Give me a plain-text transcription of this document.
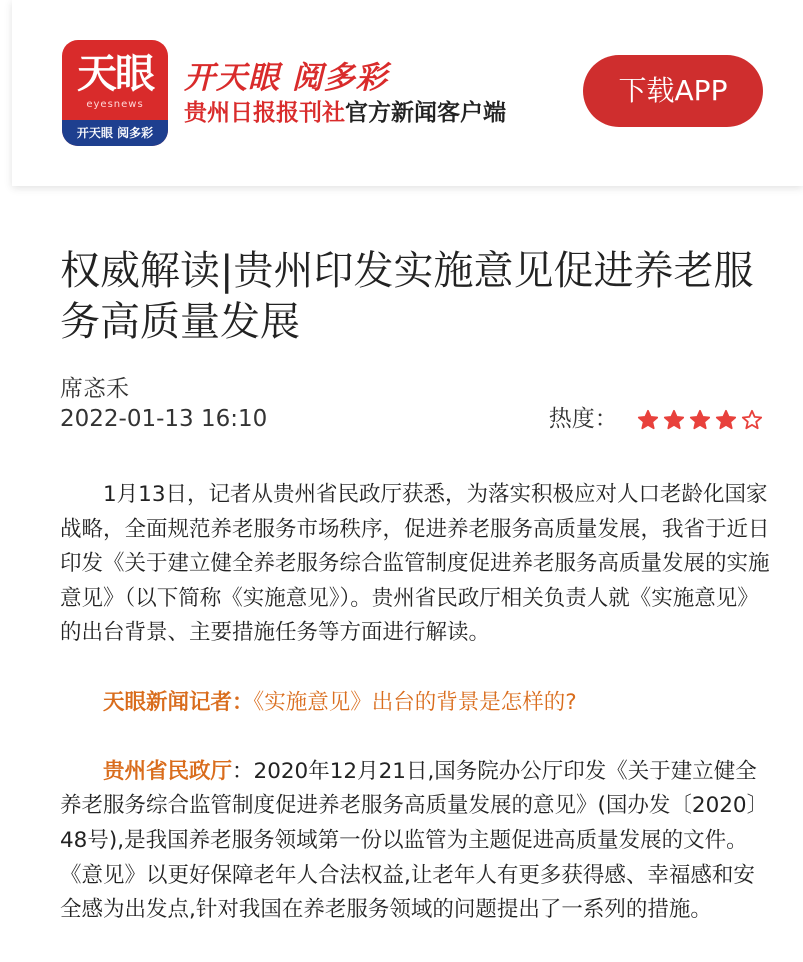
天眼
eyesnews
开天眼 阅多彩
开天眼 阅多彩
贵州日报报刊社官方新闻客户端
下载APP
权威解读|贵州印发实施意见促进养老服务高质量发展
席忞禾
2022-01-13 16:10	热度：

1月13日，记者从贵州省民政厅获悉，为落实积极应对人口老龄化国家战略，全面规范养老服务市场秩序，促进养老服务高质量发展，我省于近日印发《关于建立健全养老服务综合监管制度促进养老服务高质量发展的实施意见》（以下简称《实施意见》）。贵州省民政厅相关负责人就《实施意见》的出台背景、主要措施任务等方面进行解读。

天眼新闻记者：《实施意见》出台的背景是怎样的?

贵州省民政厅：2020年12月21日,国务院办公厅印发《关于建立健全养老服务综合监管制度促进养老服务高质量发展的意见》(国办发〔2020〕48号),是我国养老服务领域第一份以监管为主题促进高质量发展的文件。《意见》以更好保障老年人合法权益,让老年人有更多获得感、幸福感和安全感为出发点,针对我国在养老服务领域的问题提出了一系列的措施。
